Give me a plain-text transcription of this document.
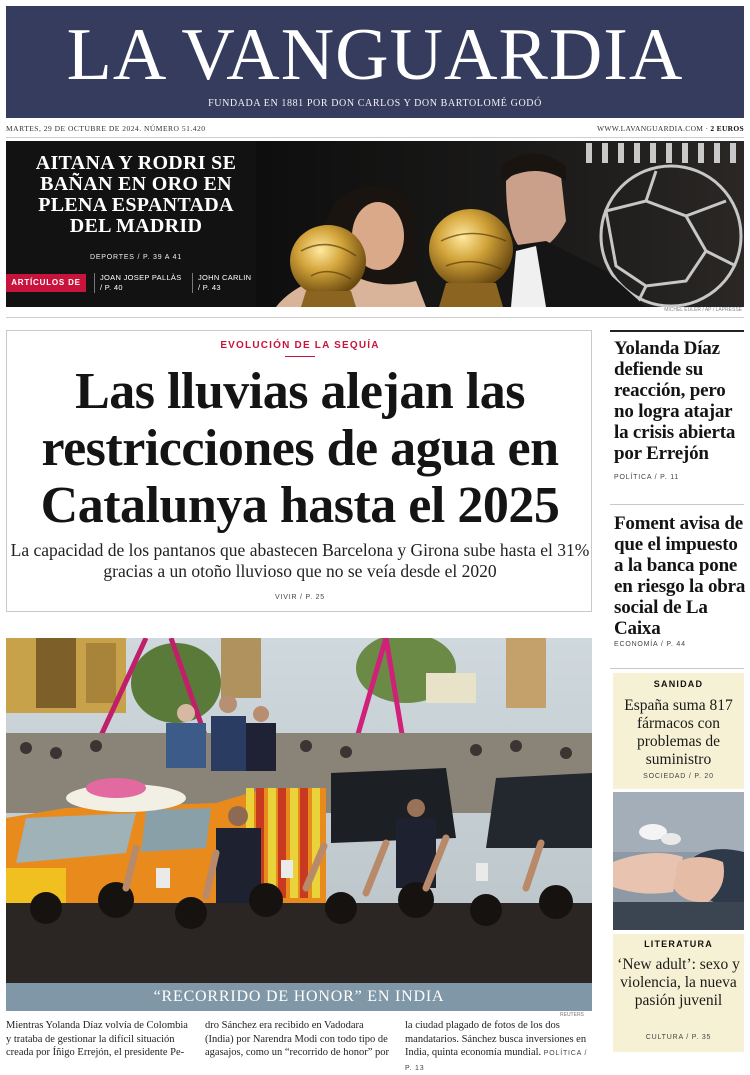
LA VANGUARDIA
FUNDADA EN 1881 POR DON CARLOS Y DON BARTOLOMÉ GODÓ
MARTES, 29 DE OCTUBRE DE 2024. NÚMERO 51.420	WWW.LAVANGUARDIA.COM · 2 EUROS
AITANA Y RODRI SE BAÑAN EN ORO EN PLENA ESPANTADA DEL MADRID
DEPORTES / P. 39 A 41
ARTÍCULOS DE
JOAN JOSEP PALLÀS
/ P. 40
JOHN CARLIN
/ P. 43
MICHEL EULER / AP / LAPRESSE
EVOLUCIÓN DE LA SEQUÍA
Las lluvias alejan las restricciones de agua en Catalunya hasta el 2025
La capacidad de los pantanos que abastecen Barcelona y Girona sube hasta el 31% gracias a un otoño lluvioso que no se veía desde el 2020
VIVIR / P. 25
Yolanda Díaz defiende su reacción, pero no logra atajar la crisis abierta por Errejón
POLÍTICA / P. 11
Foment avisa de que el impuesto a la banca pone en riesgo la obra social de La Caixa
ECONOMÍA / P. 44
SANIDAD
España suma 817 fármacos con problemas de suministro
SOCIEDAD / P. 20
LITERATURA
‘New adult’: sexo y violencia, la nueva pasión juvenil
CULTURA / P. 35
“RECORRIDO DE HONOR” EN INDIA
REUTERS
Mientras Yolanda Díaz volvía de Colombia y trataba de gestionar la difícil situación creada por Íñigo Errejón, el presidente Pe-
dro Sánchez era recibido en Vadodara (India) por Narendra Modi con todo tipo de agasajos, como un “recorrido de honor” por
la ciudad plagado de fotos de los dos mandatarios. Sánchez busca inversiones en India, quinta economía mundial. POLÍTICA / P. 13
